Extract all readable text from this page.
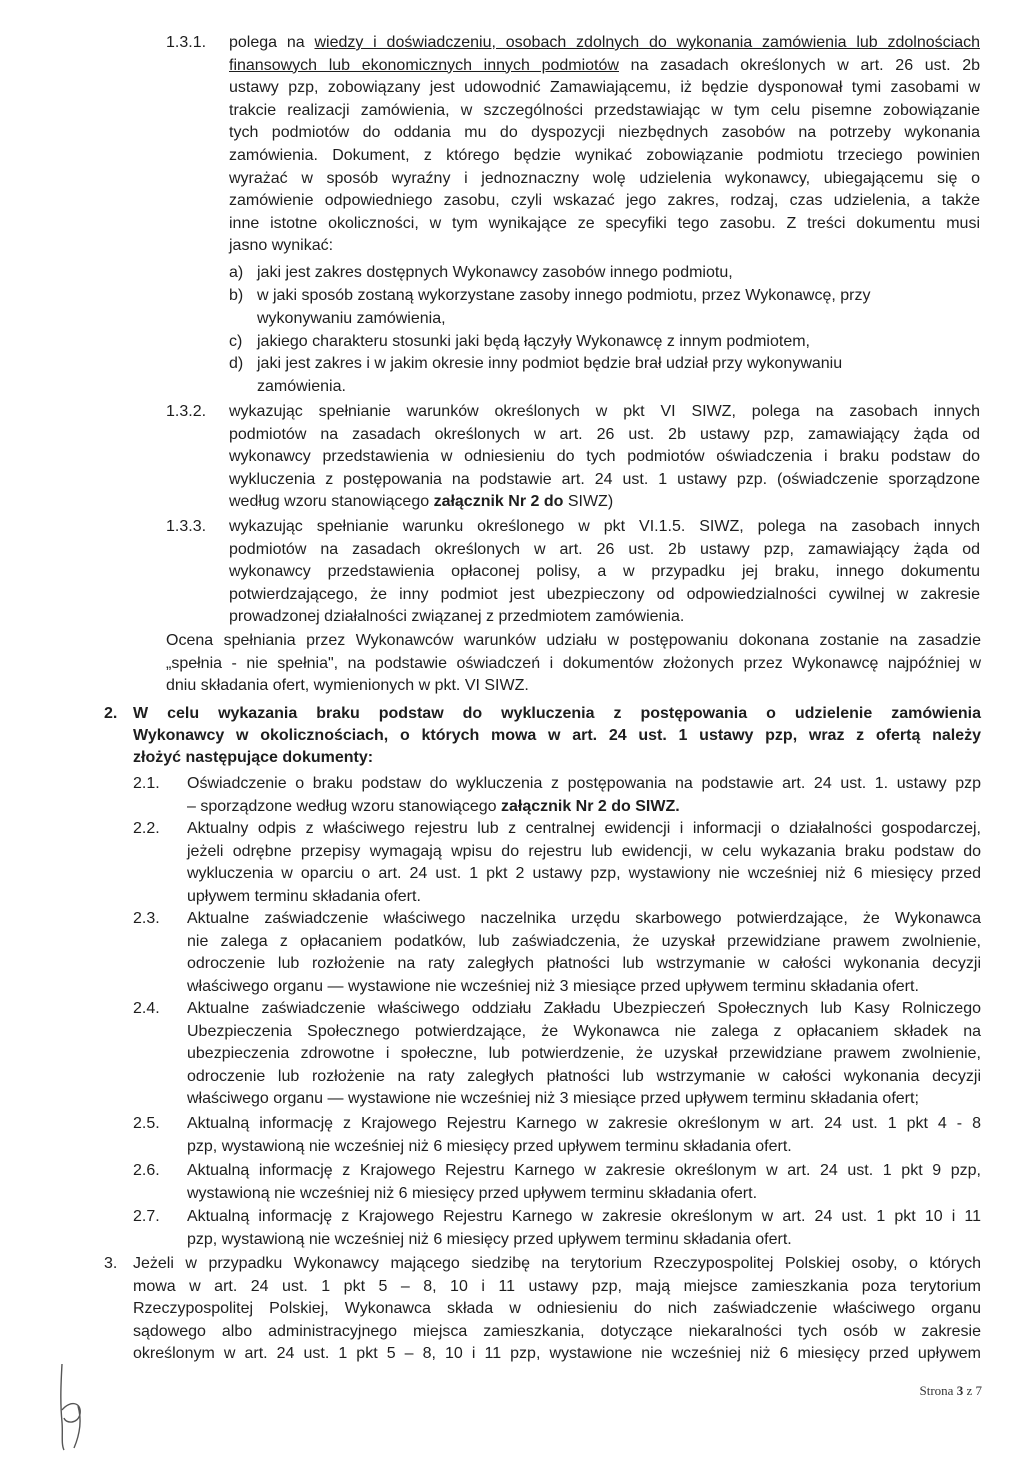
1.3.1. polega na wiedzy i doświadczeniu, osobach zdolnych do wykonania zamówienia lub zdolnościach
finansowych lub ekonomicznych innych podmiotów na zasadach określonych w art. 26 ust. 2b
ustawy pzp, zobowiązany jest udowodnić Zamawiającemu, iż będzie dysponował tymi zasobami w
trakcie realizacji zamówienia, w szczególności przedstawiając w tym celu pisemne zobowiązanie
tych podmiotów do oddania mu do dyspozycji niezbędnych zasobów na potrzeby wykonania
zamówienia. Dokument, z którego będzie wynikać zobowiązanie podmiotu trzeciego powinien
wyrażać w sposób wyraźny i jednoznaczny wolę udzielenia wykonawcy, ubiegającemu się o
zamówienie odpowiedniego zasobu, czyli wskazać jego zakres, rodzaj, czas udzielenia, a także
inne istotne okoliczności, w tym wynikające ze specyfiki tego zasobu. Z treści dokumentu musi
jasno wynikać:
a) jaki jest zakres dostępnych Wykonawcy zasobów innego podmiotu,
b) w jaki sposób zostaną wykorzystane zasoby innego podmiotu, przez Wykonawcę, przy
wykonywaniu zamówienia,
c) jakiego charakteru stosunki jaki będą łączyły Wykonawcę z innym podmiotem,
d) jaki jest zakres i w jakim okresie inny podmiot będzie brał udział przy wykonywaniu
zamówienia.
1.3.2. wykazując spełnianie warunków określonych w pkt VI SIWZ, polega na zasobach innych
podmiotów na zasadach określonych w art. 26 ust. 2b ustawy pzp, zamawiający żąda od
wykonawcy przedstawienia w odniesieniu do tych podmiotów oświadczenia i braku podstaw do
wykluczenia z postępowania na podstawie art. 24 ust. 1 ustawy pzp. (oświadczenie sporządzone
według wzoru stanowiącego załącznik Nr 2 do SIWZ)
1.3.3. wykazując spełnianie warunku określonego w pkt VI.1.5. SIWZ, polega na zasobach innych
podmiotów na zasadach określonych w art. 26 ust. 2b ustawy pzp, zamawiający żąda od
wykonawcy przedstawienia opłaconej polisy, a w przypadku jej braku, innego dokumentu
potwierdzającego, że inny podmiot jest ubezpieczony od odpowiedzialności cywilnej w zakresie
prowadzonej działalności związanej z przedmiotem zamówienia.
Ocena spełniania przez Wykonawców warunków udziału w postępowaniu dokonana zostanie na zasadzie
„spełnia - nie spełnia", na podstawie oświadczeń i dokumentów złożonych przez Wykonawcę najpóźniej w
dniu składania ofert, wymienionych w pkt. VI SIWZ.
2. W celu wykazania braku podstaw do wykluczenia z postępowania o udzielenie zamówienia
Wykonawcy w okolicznościach, o których mowa w art. 24 ust. 1 ustawy pzp, wraz z ofertą należy
złożyć następujące dokumenty:
2.1. Oświadczenie o braku podstaw do wykluczenia z postępowania na podstawie art. 24 ust. 1. ustawy pzp
– sporządzone według wzoru stanowiącego załącznik Nr 2 do SIWZ.
2.2. Aktualny odpis z właściwego rejestru lub z centralnej ewidencji i informacji o działalności gospodarczej,
jeżeli odrębne przepisy wymagają wpisu do rejestru lub ewidencji, w celu wykazania braku podstaw do
wykluczenia w oparciu o art. 24 ust. 1 pkt 2 ustawy pzp, wystawiony nie wcześniej niż 6 miesięcy przed
upływem terminu składania ofert.
2.3. Aktualne zaświadczenie właściwego naczelnika urzędu skarbowego potwierdzające, że Wykonawca
nie zalega z opłacaniem podatków, lub zaświadczenia, że uzyskał przewidziane prawem zwolnienie,
odroczenie lub rozłożenie na raty zaległych płatności lub wstrzymanie w całości wykonania decyzji
właściwego organu — wystawione nie wcześniej niż 3 miesiące przed upływem terminu składania ofert.
2.4. Aktualne zaświadczenie właściwego oddziału Zakładu Ubezpieczeń Społecznych lub Kasy Rolniczego
Ubezpieczenia Społecznego potwierdzające, że Wykonawca nie zalega z opłacaniem składek na
ubezpieczenia zdrowotne i społeczne, lub potwierdzenie, że uzyskał przewidziane prawem zwolnienie,
odroczenie lub rozłożenie na raty zaległych płatności lub wstrzymanie w całości wykonania decyzji
właściwego organu — wystawione nie wcześniej niż 3 miesiące przed upływem terminu składania ofert;
2.5. Aktualną informację z Krajowego Rejestru Karnego w zakresie określonym w art. 24 ust. 1 pkt 4 - 8
pzp, wystawioną nie wcześniej niż 6 miesięcy przed upływem terminu składania ofert.
2.6. Aktualną informację z Krajowego Rejestru Karnego w zakresie określonym w art. 24 ust. 1 pkt 9 pzp,
wystawioną nie wcześniej niż 6 miesięcy przed upływem terminu składania ofert.
2.7. Aktualną informację z Krajowego Rejestru Karnego w zakresie określonym w art. 24 ust. 1 pkt 10 i 11
pzp, wystawioną nie wcześniej niż 6 miesięcy przed upływem terminu składania ofert.
3. Jeżeli w przypadku Wykonawcy mającego siedzibę na terytorium Rzeczypospolitej Polskiej osoby, o których
mowa w art. 24 ust. 1 pkt 5 – 8, 10 i 11 ustawy pzp, mają miejsce zamieszkania poza terytorium
Rzeczypospolitej Polskiej, Wykonawca składa w odniesieniu do nich zaświadczenie właściwego organu
sądowego albo administracyjnego miejsca zamieszkania, dotyczące niekaralności tych osób w zakresie
określonym w art. 24 ust. 1 pkt 5 – 8, 10 i 11 pzp, wystawione nie wcześniej niż 6 miesięcy przed upływem
Strona 3 z 7
